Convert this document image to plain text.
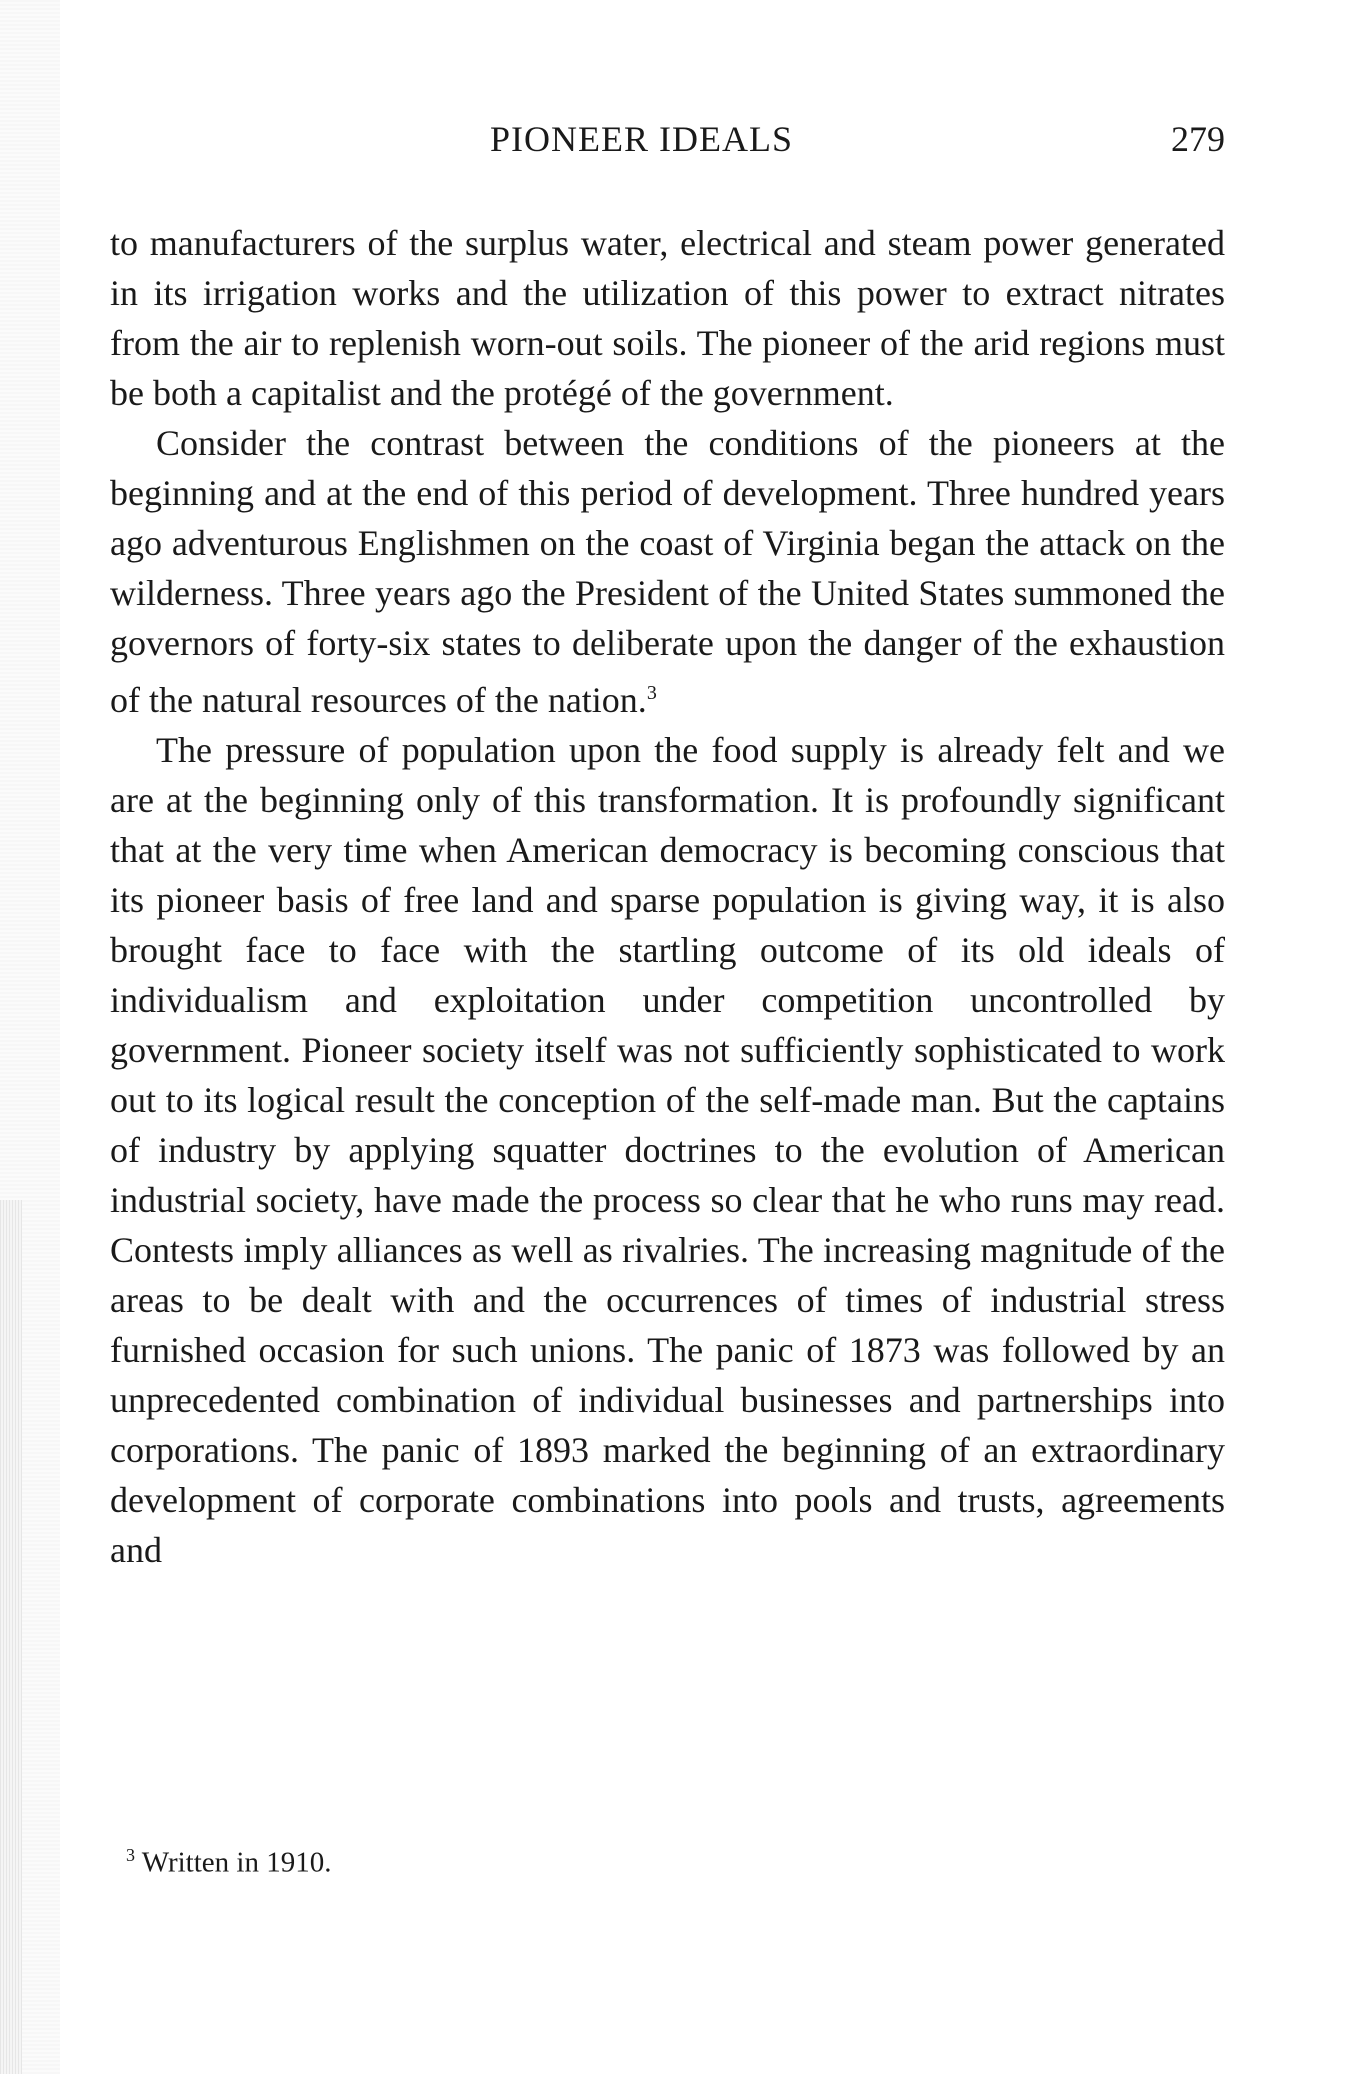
PIONEER IDEALS	279

to manufacturers of the surplus water, electrical and steam power generated in its irrigation works and the utilization of this power to extract nitrates from the air to replenish worn-out soils. The pioneer of the arid regions must be both a capitalist and the protégé of the government.

Consider the contrast between the conditions of the pioneers at the beginning and at the end of this period of development. Three hundred years ago adventurous Englishmen on the coast of Virginia began the attack on the wilderness. Three years ago the President of the United States summoned the governors of forty-six states to deliberate upon the danger of the exhaustion of the natural resources of the nation.$^3$

The pressure of population upon the food supply is already felt and we are at the beginning only of this transformation. It is profoundly significant that at the very time when American democracy is becoming conscious that its pioneer basis of free land and sparse population is giving way, it is also brought face to face with the startling outcome of its old ideals of individualism and exploitation under competition uncontrolled by government. Pioneer society itself was not sufficiently sophisticated to work out to its logical result the conception of the self-made man. But the captains of industry by applying squatter doctrines to the evolution of American industrial society, have made the process so clear that he who runs may read. Contests imply alliances as well as rivalries. The increasing magnitude of the areas to be dealt with and the occurrences of times of industrial stress furnished occasion for such unions. The panic of 1873 was followed by an unprecedented combination of individual businesses and partnerships into corporations. The panic of 1893 marked the beginning of an extraordinary development of corporate combinations into pools and trusts, agreements and

$^3$ Written in 1910.
